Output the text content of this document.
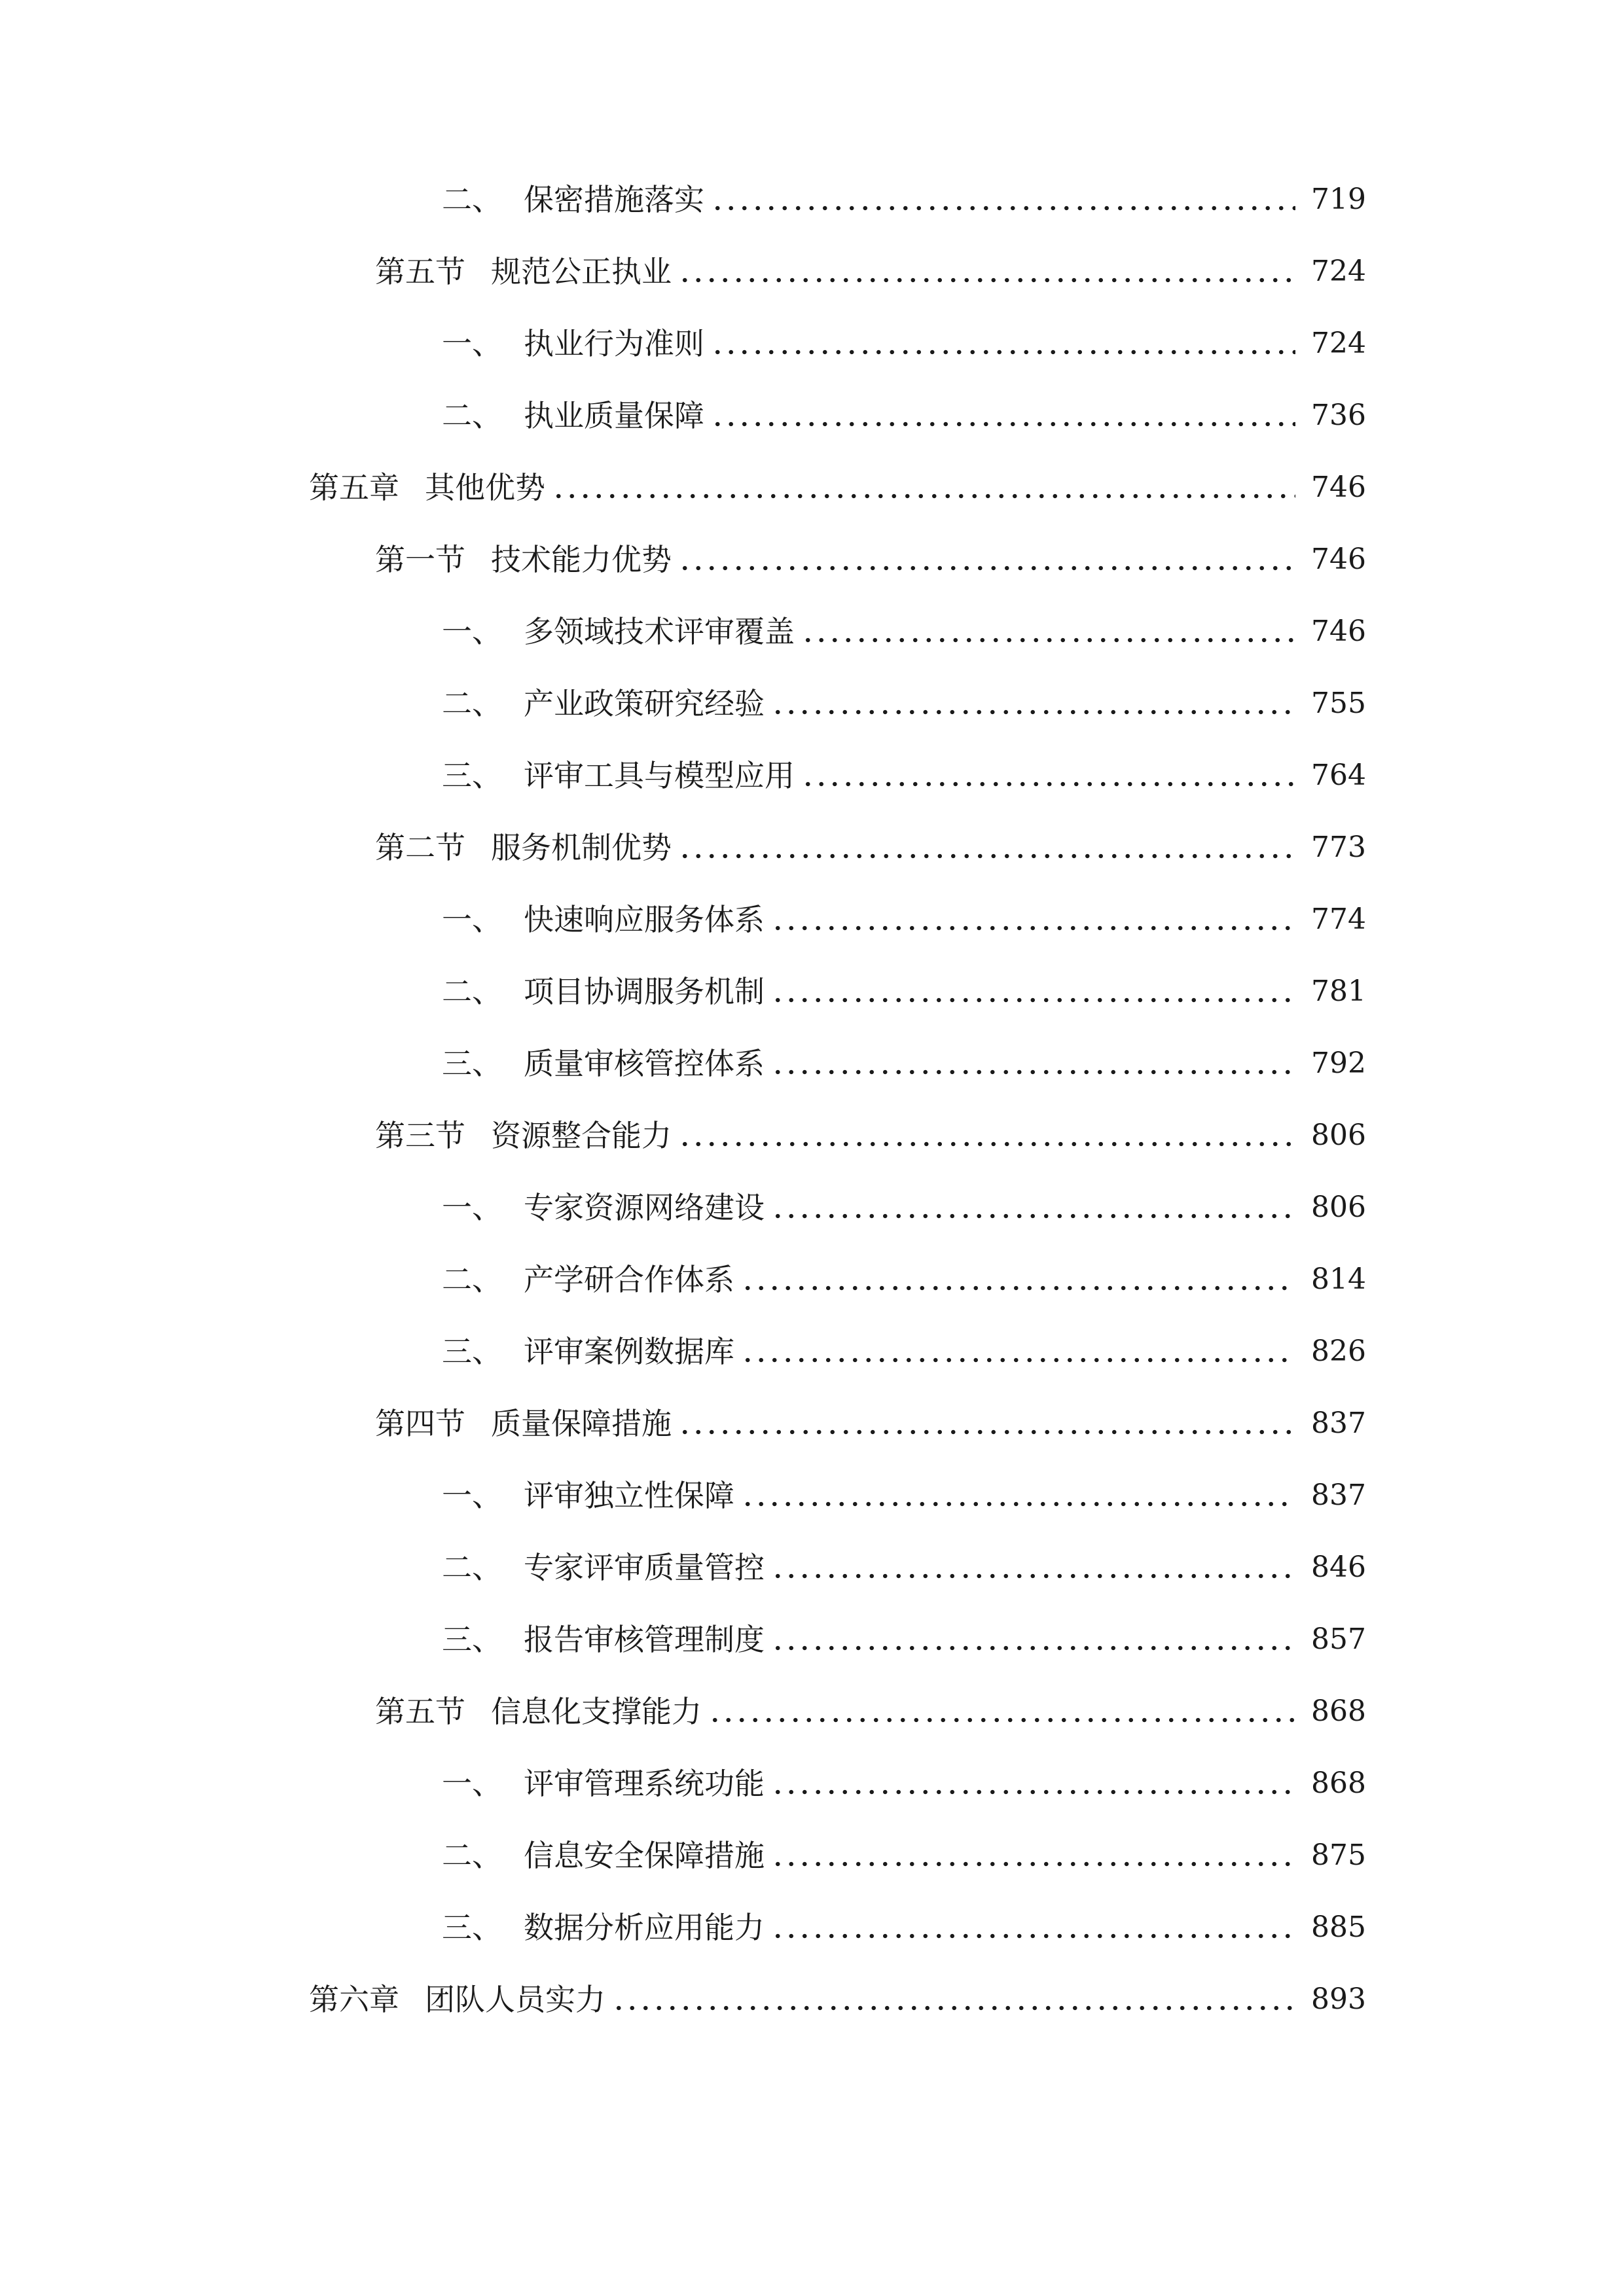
二、 保密措施落实	719
第五节 规范公正执业	724
一、 执业行为准则	724
二、 执业质量保障	736
第五章 其他优势	746
第一节 技术能力优势	746
一、 多领域技术评审覆盖	746
二、 产业政策研究经验	755
三、 评审工具与模型应用	764
第二节 服务机制优势	773
一、 快速响应服务体系	774
二、 项目协调服务机制	781
三、 质量审核管控体系	792
第三节 资源整合能力	806
一、 专家资源网络建设	806
二、 产学研合作体系	814
三、 评审案例数据库	826
第四节 质量保障措施	837
一、 评审独立性保障	837
二、 专家评审质量管控	846
三、 报告审核管理制度	857
第五节 信息化支撑能力	868
一、 评审管理系统功能	868
二、 信息安全保障措施	875
三、 数据分析应用能力	885
第六章 团队人员实力	893
